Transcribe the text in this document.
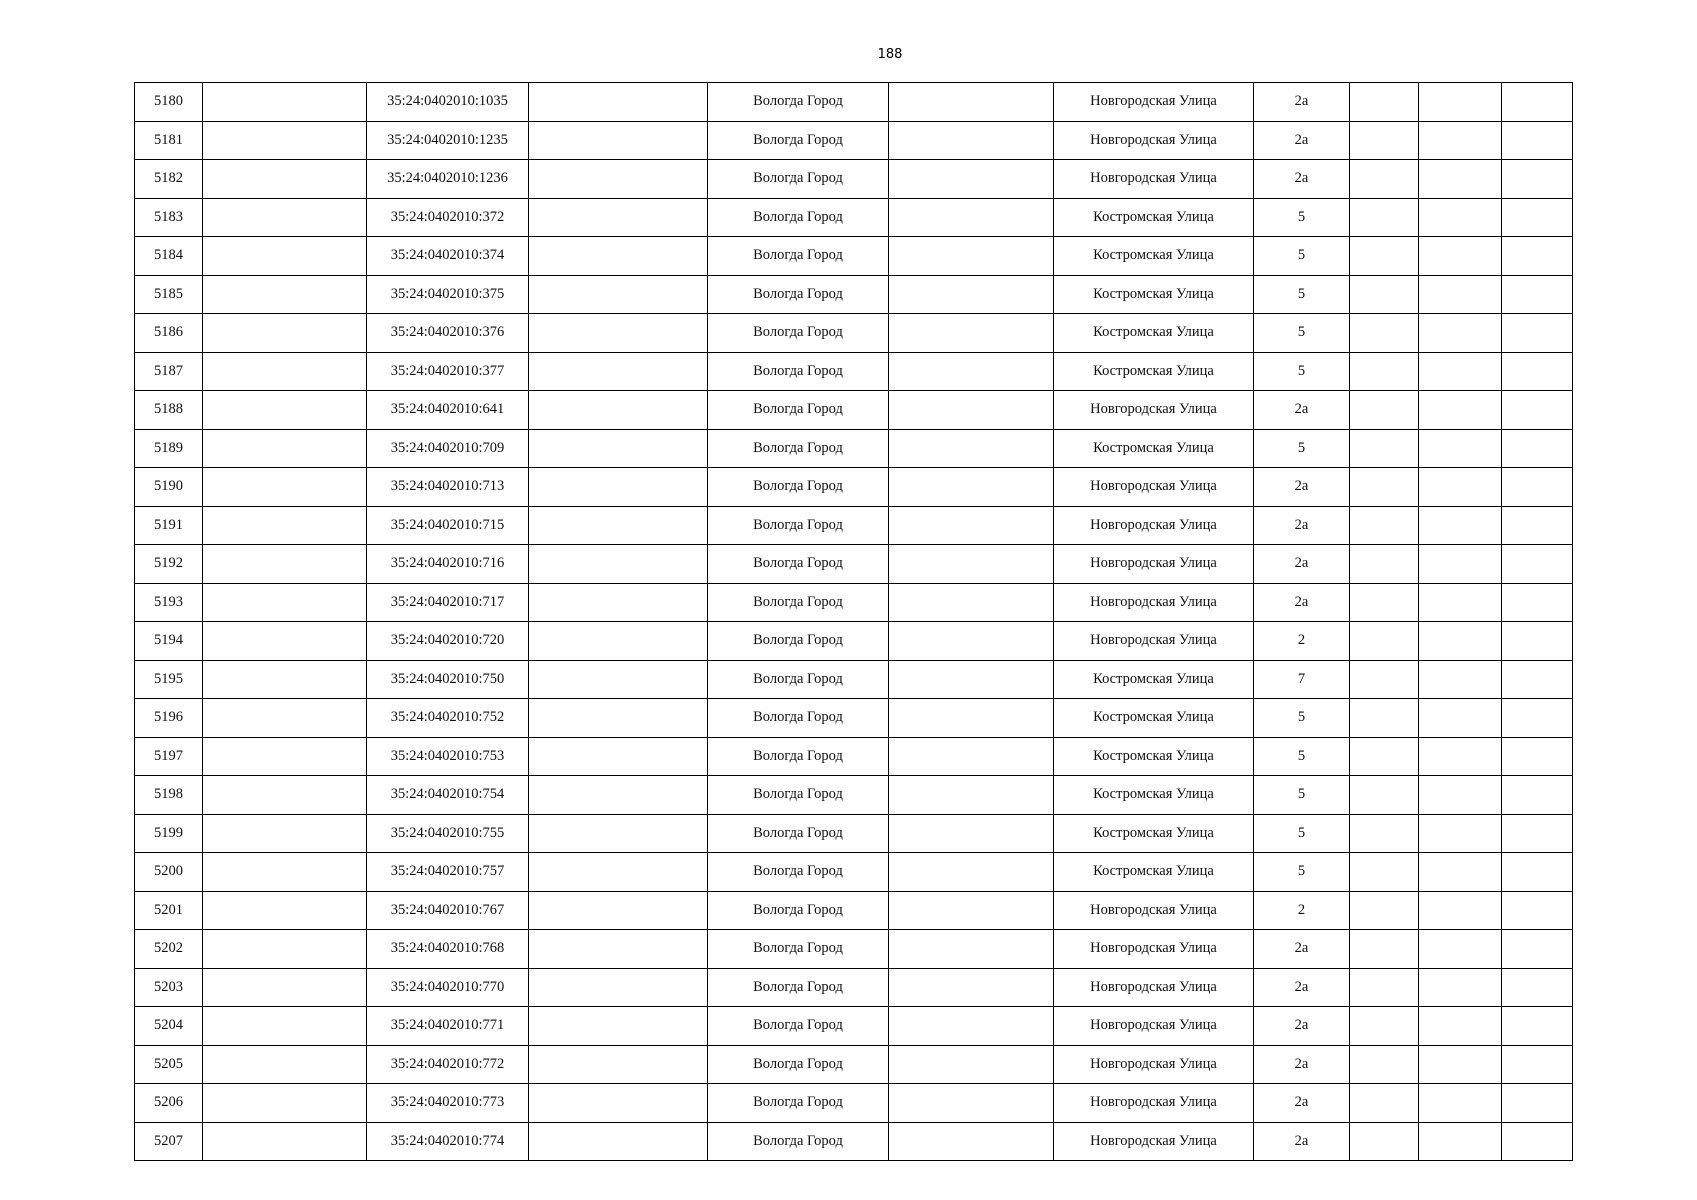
188
5180		35:24:0402010:1035		Вологда Город		Новгородская Улица	2а			
5181		35:24:0402010:1235		Вологда Город		Новгородская Улица	2а			
5182		35:24:0402010:1236		Вологда Город		Новгородская Улица	2а			
5183		35:24:0402010:372		Вологда Город		Костромская Улица	5			
5184		35:24:0402010:374		Вологда Город		Костромская Улица	5			
5185		35:24:0402010:375		Вологда Город		Костромская Улица	5			
5186		35:24:0402010:376		Вологда Город		Костромская Улица	5			
5187		35:24:0402010:377		Вологда Город		Костромская Улица	5			
5188		35:24:0402010:641		Вологда Город		Новгородская Улица	2а			
5189		35:24:0402010:709		Вологда Город		Костромская Улица	5			
5190		35:24:0402010:713		Вологда Город		Новгородская Улица	2а			
5191		35:24:0402010:715		Вологда Город		Новгородская Улица	2а			
5192		35:24:0402010:716		Вологда Город		Новгородская Улица	2а			
5193		35:24:0402010:717		Вологда Город		Новгородская Улица	2а			
5194		35:24:0402010:720		Вологда Город		Новгородская Улица	2			
5195		35:24:0402010:750		Вологда Город		Костромская Улица	7			
5196		35:24:0402010:752		Вологда Город		Костромская Улица	5			
5197		35:24:0402010:753		Вологда Город		Костромская Улица	5			
5198		35:24:0402010:754		Вологда Город		Костромская Улица	5			
5199		35:24:0402010:755		Вологда Город		Костромская Улица	5			
5200		35:24:0402010:757		Вологда Город		Костромская Улица	5			
5201		35:24:0402010:767		Вологда Город		Новгородская Улица	2			
5202		35:24:0402010:768		Вологда Город		Новгородская Улица	2а			
5203		35:24:0402010:770		Вологда Город		Новгородская Улица	2а			
5204		35:24:0402010:771		Вологда Город		Новгородская Улица	2а			
5205		35:24:0402010:772		Вологда Город		Новгородская Улица	2а			
5206		35:24:0402010:773		Вологда Город		Новгородская Улица	2а			
5207		35:24:0402010:774		Вологда Город		Новгородская Улица	2а			
